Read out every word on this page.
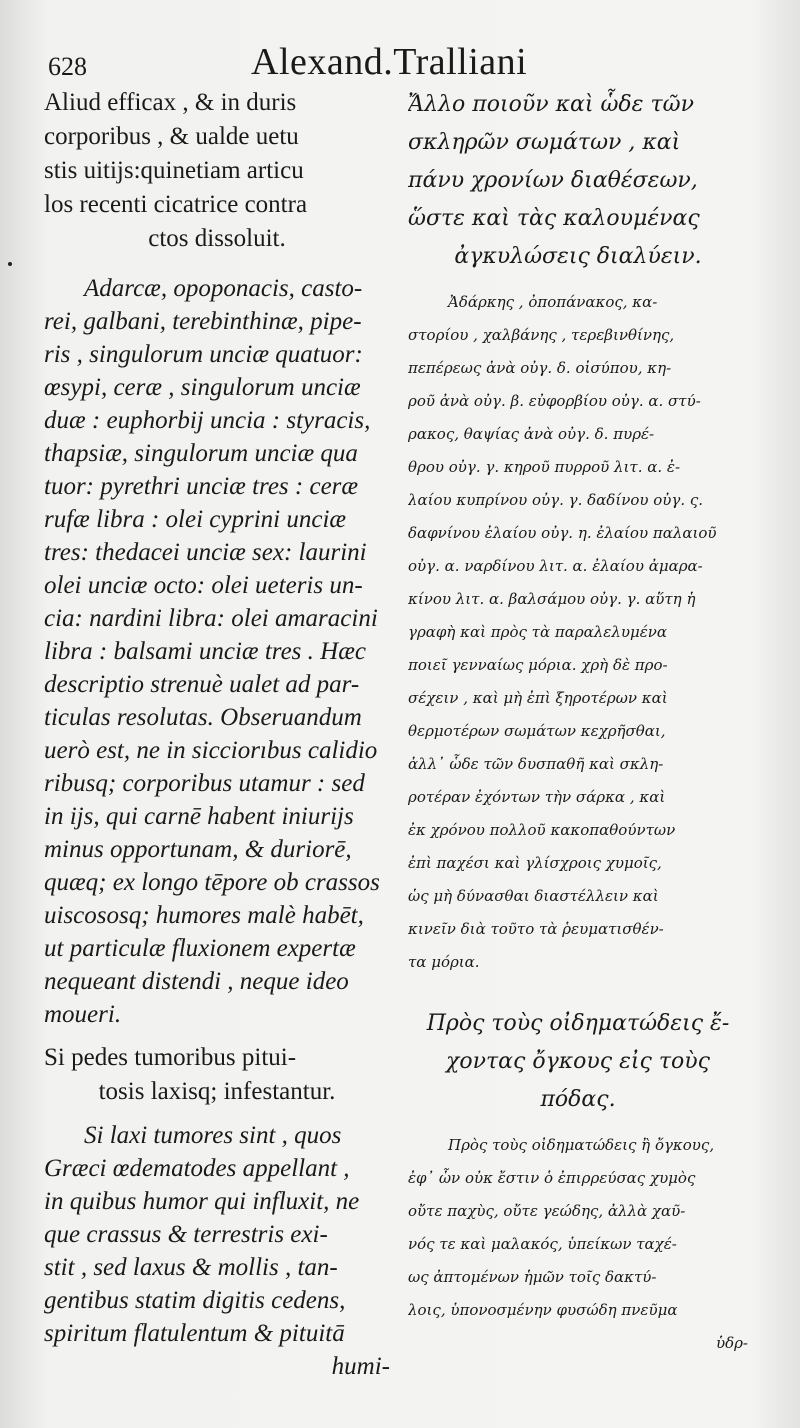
628	Alexand.Tralliani
Aliud efficax , & in duris
corporibus , & ualde uetu
stis uitijs:quinetiam articu
los recenti cicatrice contra
ctos dissoluit.
Adarcæ, opoponacis, casto-
rei, galbani, terebinthinæ, pipe-
ris , singulorum unciæ quatuor:
œsypi, ceræ , singulorum unciæ
duæ : euphorbij uncia : styracis,
thapsiæ, singulorum unciæ qua
tuor: pyrethri unciæ tres : ceræ
rufæ libra : olei cyprini unciæ
tres: thedacei unciæ sex: laurini
olei unciæ octo: olei ueteris un-
cia: nardini libra: olei amaracini
libra : balsami unciæ tres . Hæc
descriptio strenuè ualet ad par-
ticulas resolutas. Obseruandum
uerò est, ne in sicciorıbus calidio
ribusq; corporibus utamur : sed
in ijs, qui carnē habent iniurijs
minus opportunam, & duriorē,
quæq; ex longo tēpore ob crassos
uiscososq; humores malè habēt,
ut particulæ fluxionem expertæ
nequeant distendi , neque ideo
moueri.
Si pedes tumoribus pitui-
tosis laxisq; infestantur.
Si laxi tumores sint , quos
Græci œdematodes appellant ,
in quibus humor qui influxit, ne
que crassus & terrestris exi-
stit , sed laxus & mollis , tan-
gentibus statim digitis cedens,
spiritum flatulentum & pituitā
humi-
Ἄλλο ποιοῦν καὶ ὧδε τῶν
σκληρῶν σωμάτων , καὶ
πάνυ χρονίων διαθέσεων,
ὥστε καὶ τὰς καλουμένας
ἀγκυλώσεις διαλύειν.
Ἀδάρκης , ὀποπάνακος, κα-
στορίου , χαλβάνης , τερεβινθίνης,
πεπέρεως ἀνὰ οὐγ. δ. οἰσύπου, κη-
ροῦ ἀνὰ οὐγ. β. εὐφορβίου οὐγ. α. στύ-
ρακος, θαψίας ἀνὰ οὐγ. δ. πυρέ-
θρου οὐγ. γ. κηροῦ πυρροῦ λιτ. α. ἐ-
λαίου κυπρίνου οὐγ. γ. δαδίνου οὐγ. ς.
δαφνίνου ἐλαίου οὐγ. η. ἐλαίου παλαιοῦ
οὐγ. α. ναρδίνου λιτ. α. ἐλαίου ἀμαρα-
κίνου λιτ. α. βαλσάμου οὐγ. γ. αὕτη ἡ
γραφὴ καὶ πρὸς τὰ παραλελυμένα
ποιεῖ γενναίως μόρια. χρὴ δὲ προ-
σέχειν , καὶ μὴ ἐπὶ ξηροτέρων καὶ
θερμοτέρων σωμάτων κεχρῆσθαι,
ἀλλ᾽ ὧδε τῶν δυσπαθῆ καὶ σκλη-
ροτέραν ἐχόντων τὴν σάρκα , καὶ
ἐκ χρόνου πολλοῦ κακοπαθούντων
ἐπὶ παχέσι καὶ γλίσχροις χυμοῖς,
ὡς μὴ δύνασθαι διαστέλλειν καὶ
κινεῖν διὰ τοῦτο τὰ ῥευματισθέν-
τα μόρια.
Πρὸς τοὺς οἰδηματώδεις ἔ-
χοντας ὄγκους εἰς τοὺς
πόδας.
Πρὸς τοὺς οἰδηματώδεις ἢ ὄγκους,
ἐφ᾽ ὧν οὐκ ἔστιν ὁ ἐπιρρεύσας χυμὸς
οὔτε παχὺς, οὔτε γεώδης, ἀλλὰ χαῦ-
νός τε καὶ μαλακός, ὑπείκων ταχέ-
ως ἀπτομένων ἡμῶν τοῖς δακτύ-
λοις, ὑπονοσμένην φυσώδη πνεῦμα
ὑδρ-
